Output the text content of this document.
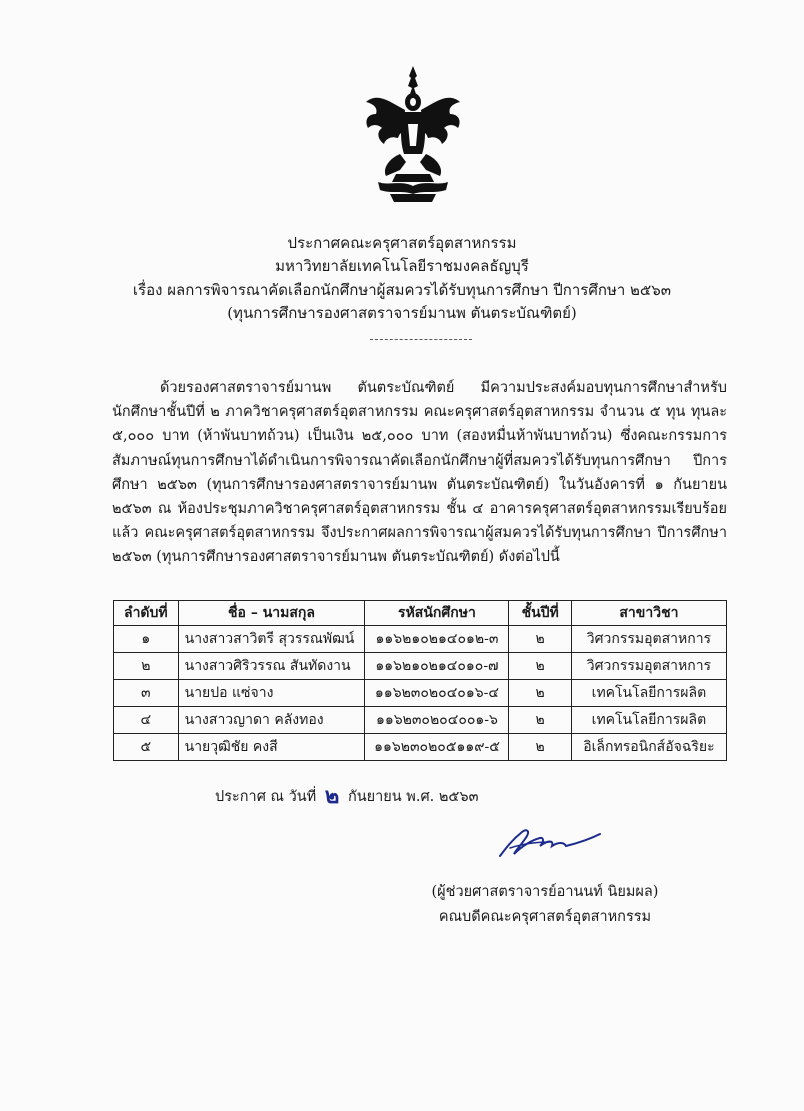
ประกาศคณะครุศาสตร์อุตสาหกรรม
มหาวิทยาลัยเทคโนโลยีราชมงคลธัญบุรี
เรื่อง ผลการพิจารณาคัดเลือกนักศึกษาผู้สมควรได้รับทุนการศึกษา ปีการศึกษา ๒๕๖๓
(ทุนการศึกษารองศาสตราจารย์มานพ ตันตระบัณฑิตย์)
ด้วยรองศาสตราจารย์มานพ ตันตระบัณฑิตย์ มีความประสงค์มอบทุนการศึกษาสำหรับนักศึกษาชั้นปีที่ ๒ ภาควิชาครุศาสตร์อุตสาหกรรม คณะครุศาสตร์อุตสาหกรรม จำนวน ๕ ทุน ทุนละ ๕,๐๐๐ บาท (ห้าพันบาทถ้วน) เป็นเงิน ๒๕,๐๐๐ บาท (สองหมื่นห้าพันบาทถ้วน) ซึ่งคณะกรรมการสัมภาษณ์ทุนการศึกษาได้ดำเนินการพิจารณาคัดเลือกนักศึกษาผู้ที่สมควรได้รับทุนการศึกษา ปีการศึกษา ๒๕๖๓ (ทุนการศึกษารองศาสตราจารย์มานพ ตันตระบัณฑิตย์) ในวันอังคารที่ ๑ กันยายน ๒๕๖๓ ณ ห้องประชุมภาควิชาครุศาสตร์อุตสาหกรรม ชั้น ๔ อาคารครุศาสตร์อุตสาหกรรมเรียบร้อยแล้ว คณะครุศาสตร์อุตสาหกรรม จึงประกาศผลการพิจารณาผู้สมควรได้รับทุนการศึกษา ปีการศึกษา ๒๕๖๓ (ทุนการศึกษารองศาสตราจารย์มานพ ตันตระบัณฑิตย์) ดังต่อไปนี้
ลำดับที่	ชื่อ – นามสกุล	รหัสนักศึกษา	ชั้นปีที่	สาขาวิชา
๑	นางสาวสาวิตรี สุวรรณพัฒน์	๑๑๖๒๑๐๒๑๔๐๑๒-๓	๒	วิศวกรรมอุตสาหการ
๒	นางสาวศิริวรรณ สันทัดงาน	๑๑๖๒๑๐๒๑๔๐๑๐-๗	๒	วิศวกรรมอุตสาหการ
๓	นายปอ แซ่จาง	๑๑๖๒๓๐๒๐๔๐๑๖-๔	๒	เทคโนโลยีการผลิต
๔	นางสาวญาดา คลังทอง	๑๑๖๒๓๐๒๐๔๐๐๑-๖	๒	เทคโนโลยีการผลิต
๕	นายวุฒิชัย คงสี	๑๑๖๒๓๐๒๐๕๑๑๙-๕	๒	อิเล็กทรอนิกส์อัจฉริยะ
ประกาศ ณ วันที่ ๒ กันยายน พ.ศ. ๒๕๖๓
(ผู้ช่วยศาสตราจารย์อานนท์ นิยมผล)
คณบดีคณะครุศาสตร์อุตสาหกรรม
